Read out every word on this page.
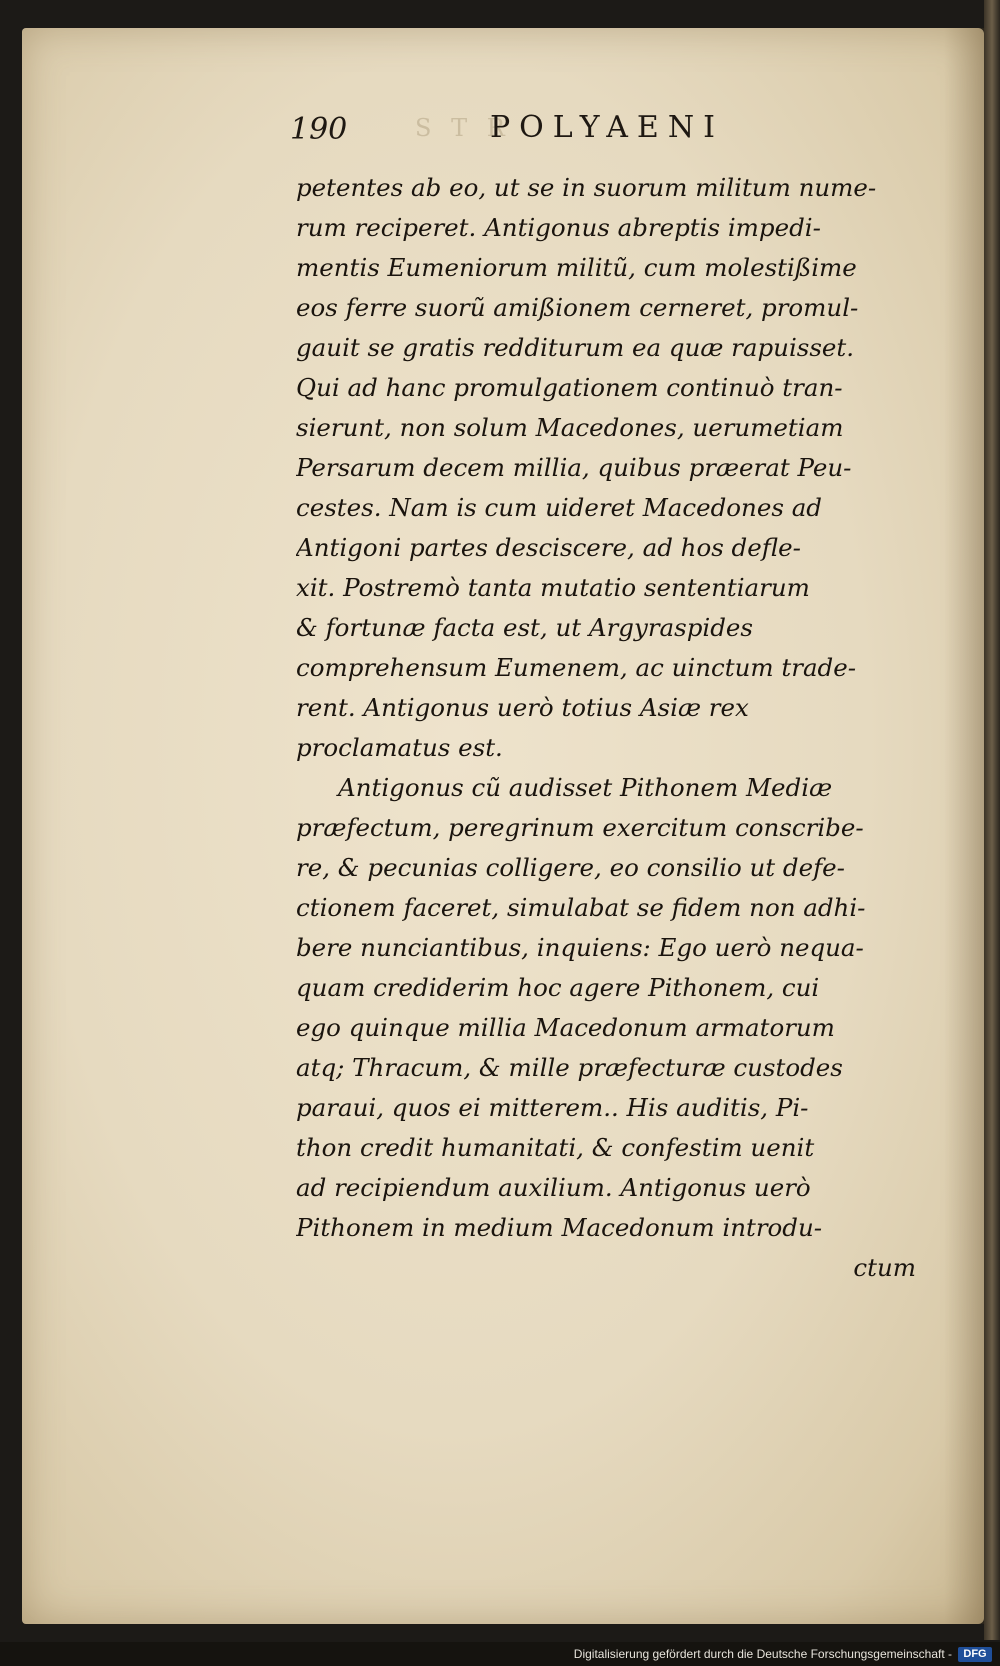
190	S T R
POLYAENI
petentes ab eo, ut se in suorum militum nume-
rum reciperet. Antigonus abreptis impedi-
mentis Eumeniorum militũ, cum molestißime
eos ferre suorũ amißionem cerneret, promul-
gauit se gratis redditurum ea quæ rapuisset.
Qui ad hanc promulgationem continuò tran-
sierunt, non solum Macedones, uerumetiam
Persarum decem millia, quibus præerat Peu-
cestes. Nam is cum uideret Macedones ad
Antigoni partes desciscere, ad hos defle-
xit. Postremò tanta mutatio sententiarum
& fortunæ facta est, ut Argyraspides
comprehensum Eumenem, ac uinctum trade-
rent. Antigonus uerò totius Asiæ rex
proclamatus est.
Antigonus cũ audisset Pithonem Mediæ
præfectum, peregrinum exercitum conscribe-
re, & pecunias colligere, eo consilio ut defe-
ctionem faceret, simulabat se fidem non adhi-
bere nunciantibus, inquiens: Ego uerò nequa-
quam crediderim hoc agere Pithonem, cui
ego quinque millia Macedonum armatorum
atq; Thracum, & mille præfecturæ custodes
paraui, quos ei mitterem.. His auditis, Pi-
thon credit humanitati, & confestim uenit
ad recipiendum auxilium. Antigonus uerò
Pithonem in medium Macedonum introdu-
ctum
Digitalisierung gefördert durch die Deutsche Forschungsgemeinschaft -	DFG
